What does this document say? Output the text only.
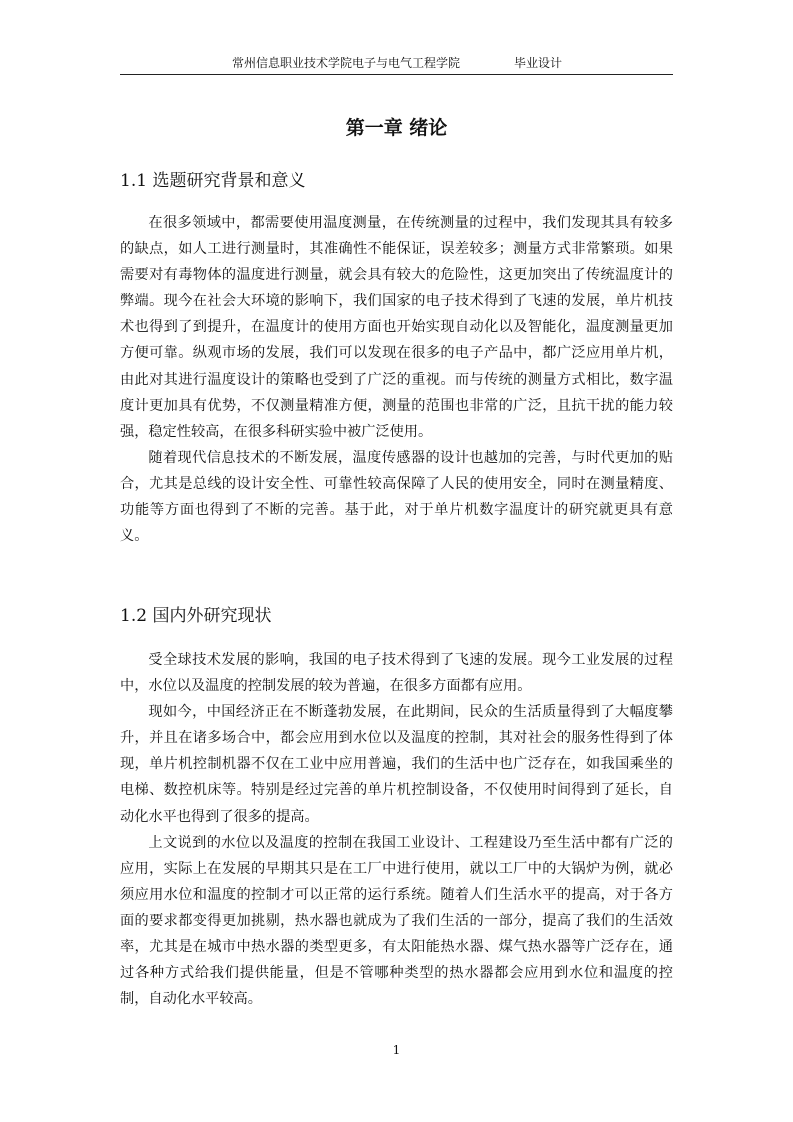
常州信息职业技术学院电子与电气工程学院	毕业设计
第一章 绪论
1.1 选题研究背景和意义

在很多领域中，都需要使用温度测量，在传统测量的过程中，我们发现其具有较多的缺点，如人工进行测量时，其准确性不能保证，误差较多；测量方式非常繁琐。如果需要对有毒物体的温度进行测量，就会具有较大的危险性，这更加突出了传统温度计的弊端。现今在社会大环境的影响下，我们国家的电子技术得到了飞速的发展，单片机技术也得到了到提升，在温度计的使用方面也开始实现自动化以及智能化，温度测量更加方便可靠。纵观市场的发展，我们可以发现在很多的电子产品中，都广泛应用单片机，由此对其进行温度设计的策略也受到了广泛的重视。而与传统的测量方式相比，数字温度计更加具有优势，不仅测量精准方便，测量的范围也非常的广泛，且抗干扰的能力较强，稳定性较高，在很多科研实验中被广泛使用。

随着现代信息技术的不断发展，温度传感器的设计也越加的完善，与时代更加的贴合，尤其是总线的设计安全性、可靠性较高保障了人民的使用安全，同时在测量精度、功能等方面也得到了不断的完善。基于此，对于单片机数字温度计的研究就更具有意义。

1.2 国内外研究现状

受全球技术发展的影响，我国的电子技术得到了飞速的发展。现今工业发展的过程中，水位以及温度的控制发展的较为普遍，在很多方面都有应用。

现如今，中国经济正在不断蓬勃发展，在此期间，民众的生活质量得到了大幅度攀升，并且在诸多场合中，都会应用到水位以及温度的控制，其对社会的服务性得到了体现，单片机控制机器不仅在工业中应用普遍，我们的生活中也广泛存在，如我国乘坐的电梯、数控机床等。特别是经过完善的单片机控制设备，不仅使用时间得到了延长，自动化水平也得到了很多的提高。

上文说到的水位以及温度的控制在我国工业设计、工程建设乃至生活中都有广泛的应用，实际上在发展的早期其只是在工厂中进行使用，就以工厂中的大锅炉为例，就必须应用水位和温度的控制才可以正常的运行系统。随着人们生活水平的提高，对于各方面的要求都变得更加挑剔，热水器也就成为了我们生活的一部分，提高了我们的生活效率，尤其是在城市中热水器的类型更多，有太阳能热水器、煤气热水器等广泛存在，通过各种方式给我们提供能量，但是不管哪种类型的热水器都会应用到水位和温度的控制，自动化水平较高。

1
